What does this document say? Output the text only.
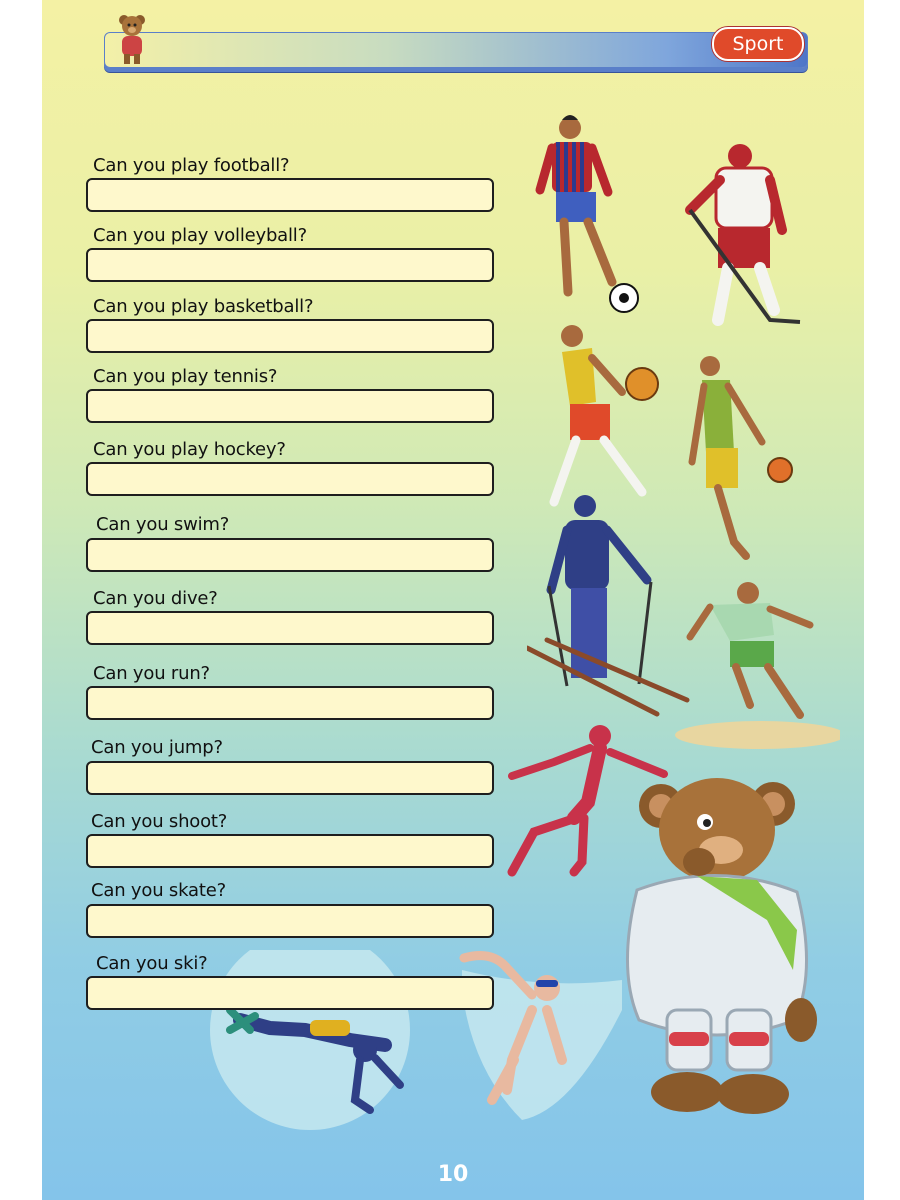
Sport
Can you play football?
Can you play volleyball?
Can you play basketball?
Can you play tennis?
Can you play hockey?
Can you swim?
Can you dive?
Can you run?
Can you jump?
Can you shoot?
Can you skate?
Can you ski?
10
